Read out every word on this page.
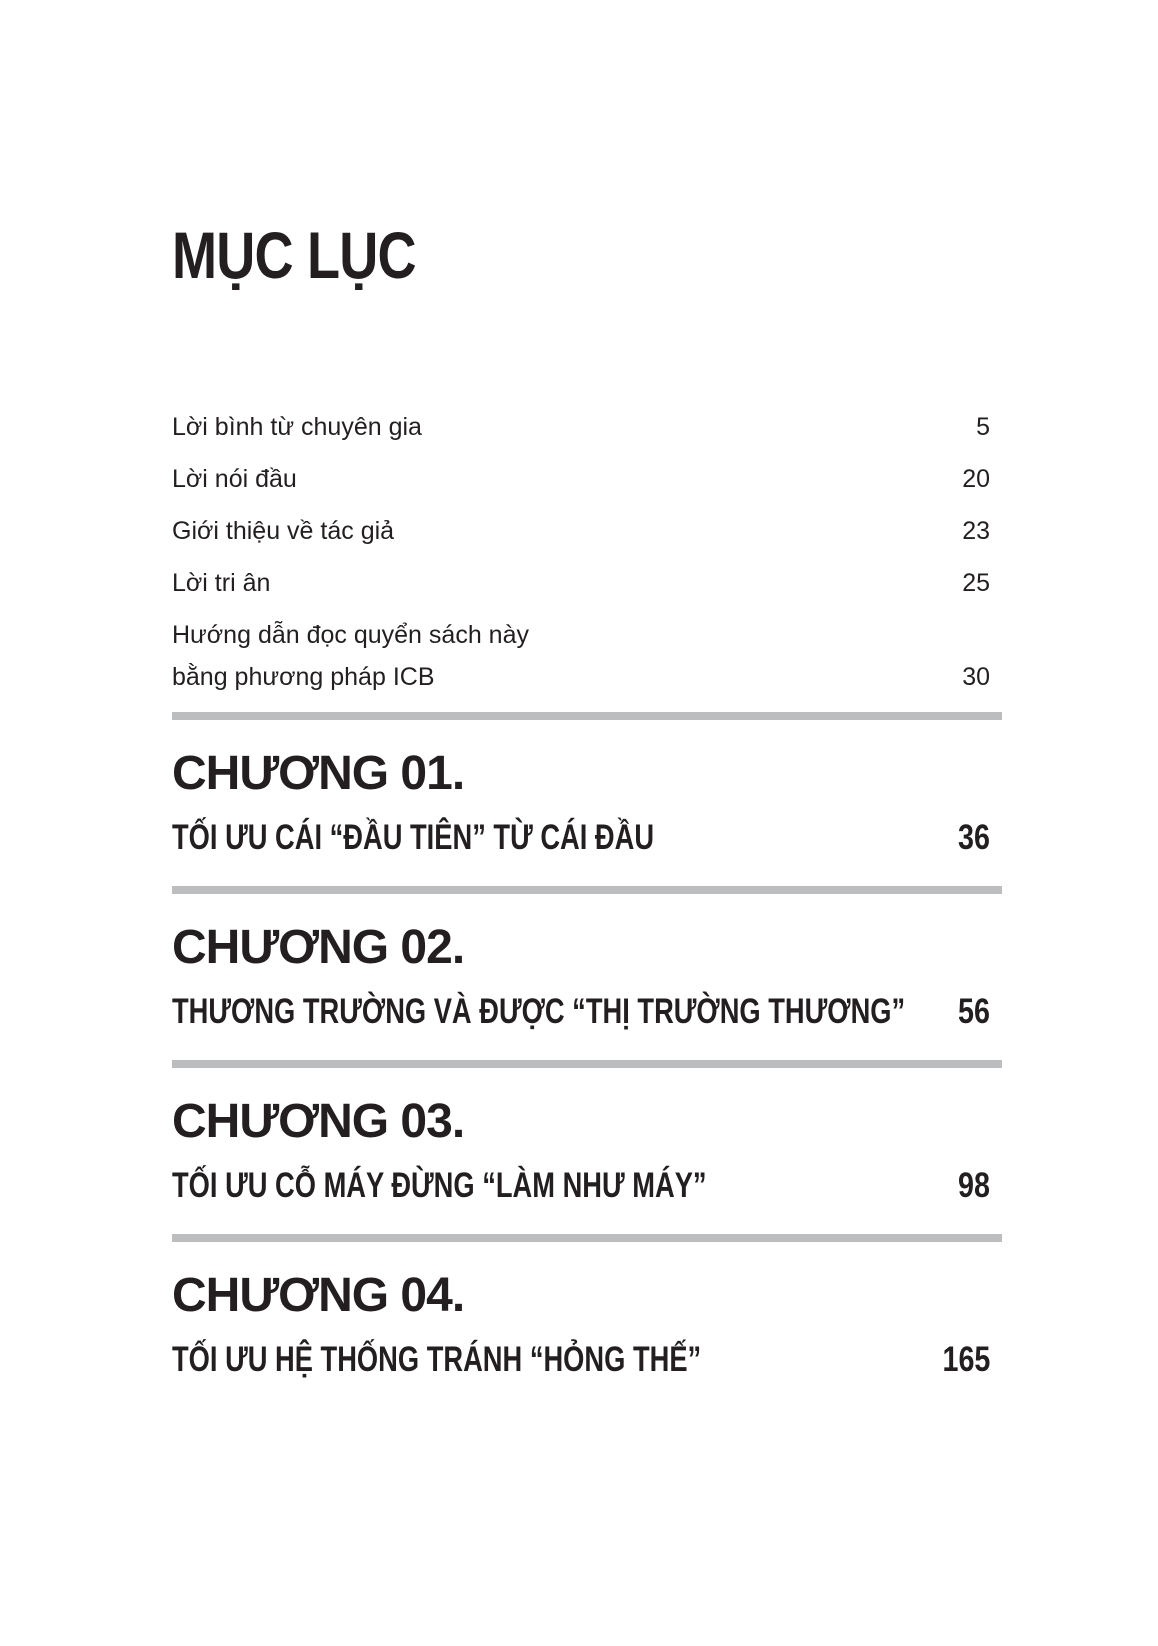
MỤC LỤC
Lời bình từ chuyên gia	5
Lời nói đầu	20
Giới thiệu về tác giả	23
Lời tri ân	25
Hướng dẫn đọc quyển sách này
bằng phương pháp ICB	30
CHƯƠNG 01.
TỐI ƯU CÁI “ĐẦU TIÊN” TỪ CÁI ĐẦU	36
CHƯƠNG 02.
THƯƠNG TRƯỜNG VÀ ĐƯỢC “THỊ TRƯỜNG THƯƠNG” 56
CHƯƠNG 03.
TỐI ƯU CỖ MÁY ĐỪNG “LÀM NHƯ MÁY”	98
CHƯƠNG 04.
TỐI ƯU HỆ THỐNG TRÁNH “HỎNG THẾ”	165
